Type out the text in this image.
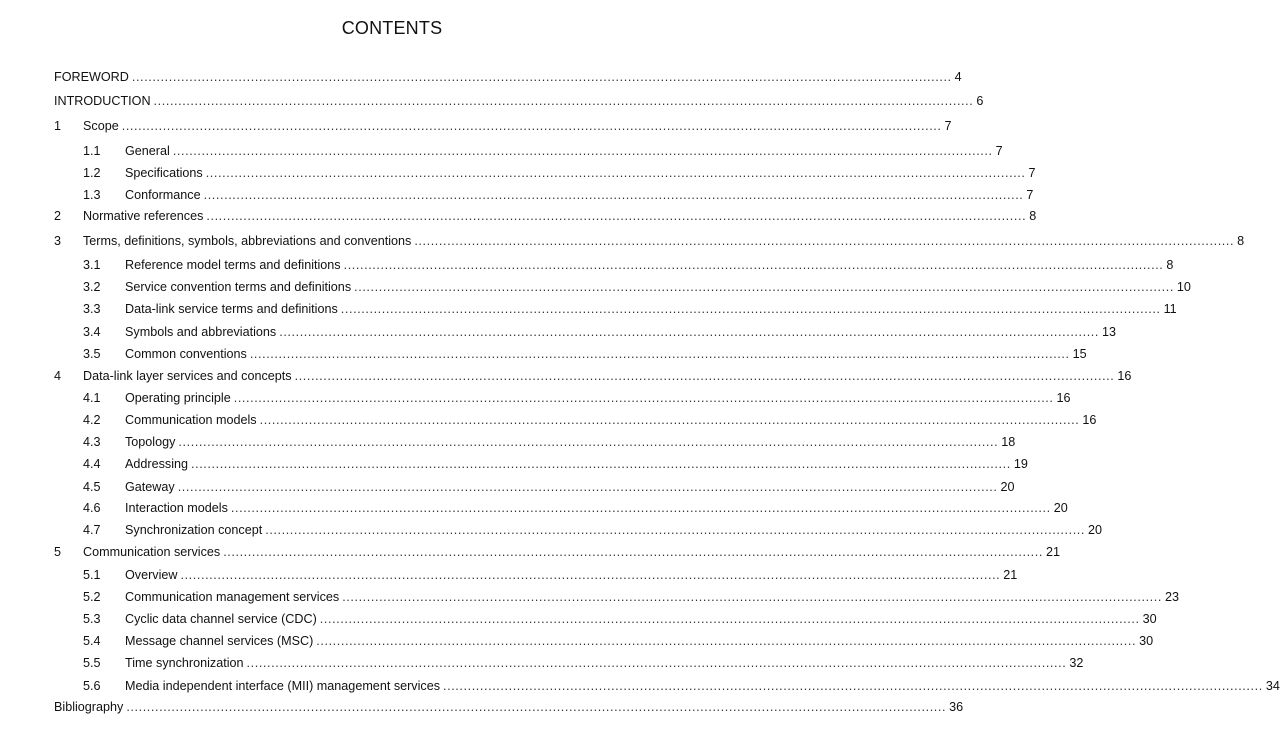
CONTENTS
FOREWORD ........................................................................................................................................................................................................ 4
INTRODUCTION ........................................................................................................................................................................................................ 6
1	Scope ........................................................................................................................................................................................................ 7
1.1	General ........................................................................................................................................................................................................ 7
1.2	Specifications ........................................................................................................................................................................................................ 7
1.3	Conformance ........................................................................................................................................................................................................ 7
2	Normative references ........................................................................................................................................................................................................ 8
3	Terms, definitions, symbols, abbreviations and conventions ........................................................................................................................................................................................................ 8
3.1	Reference model terms and definitions ........................................................................................................................................................................................................ 8
3.2	Service convention terms and definitions ........................................................................................................................................................................................................ 10
3.3	Data-link service terms and definitions ........................................................................................................................................................................................................ 11
3.4	Symbols and abbreviations ........................................................................................................................................................................................................ 13
3.5	Common conventions ........................................................................................................................................................................................................ 15
4	Data-link layer services and concepts ........................................................................................................................................................................................................ 16
4.1	Operating principle ........................................................................................................................................................................................................ 16
4.2	Communication models ........................................................................................................................................................................................................ 16
4.3	Topology ........................................................................................................................................................................................................ 18
4.4	Addressing ........................................................................................................................................................................................................ 19
4.5	Gateway ........................................................................................................................................................................................................ 20
4.6	Interaction models ........................................................................................................................................................................................................ 20
4.7	Synchronization concept ........................................................................................................................................................................................................ 20
5	Communication services ........................................................................................................................................................................................................ 21
5.1	Overview ........................................................................................................................................................................................................ 21
5.2	Communication management services ........................................................................................................................................................................................................ 23
5.3	Cyclic data channel service (CDC) ........................................................................................................................................................................................................ 30
5.4	Message channel services (MSC) ........................................................................................................................................................................................................ 30
5.5	Time synchronization ........................................................................................................................................................................................................ 32
5.6	Media independent interface (MII) management services ........................................................................................................................................................................................................ 34
Bibliography ........................................................................................................................................................................................................ 36
